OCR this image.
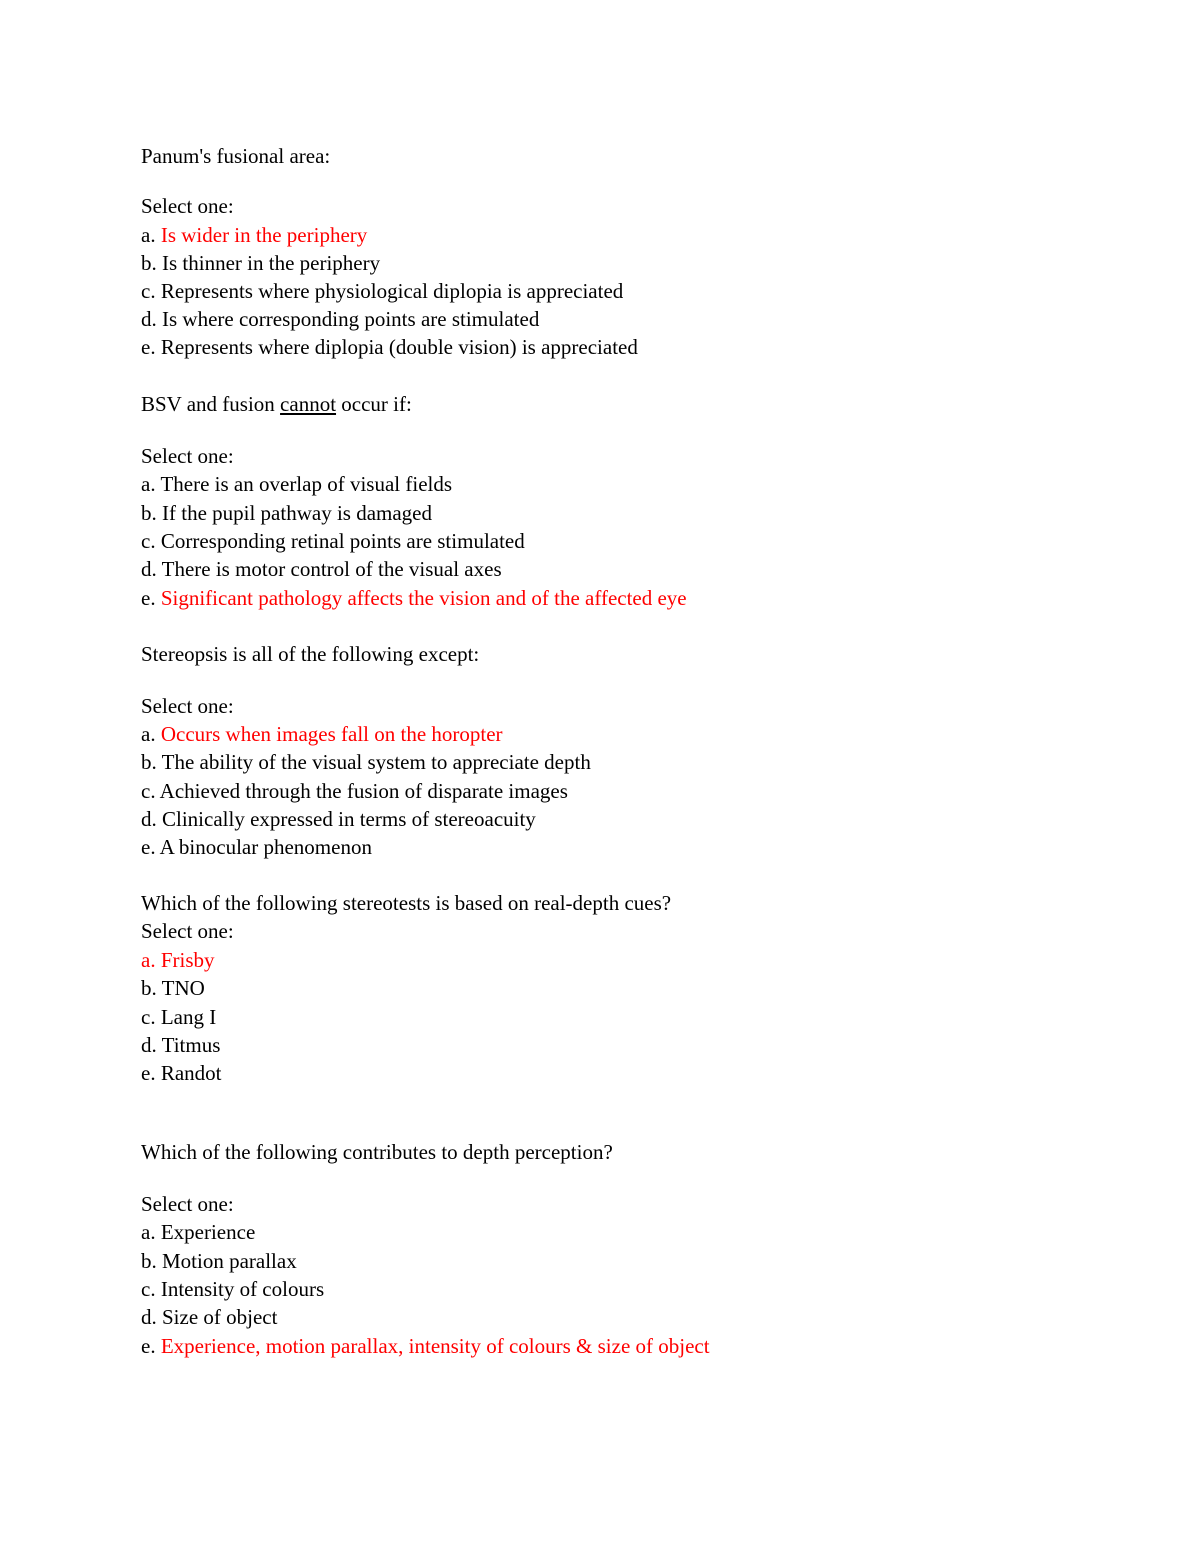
Panum's fusional area:
Select one:
a. Is wider in the periphery
b. Is thinner in the periphery
c. Represents where physiological diplopia is appreciated
d. Is where corresponding points are stimulated
e. Represents where diplopia (double vision) is appreciated
BSV and fusion cannot occur if:
Select one:
a. There is an overlap of visual fields
b. If the pupil pathway is damaged
c. Corresponding retinal points are stimulated
d. There is motor control of the visual axes
e. Significant pathology affects the vision and of the affected eye
Stereopsis is all of the following except:
Select one:
a. Occurs when images fall on the horopter
b. The ability of the visual system to appreciate depth
c. Achieved through the fusion of disparate images
d. Clinically expressed in terms of stereoacuity
e. A binocular phenomenon
Which of the following stereotests is based on real-depth cues?
Select one:
a. Frisby
b. TNO
c. Lang I
d. Titmus
e. Randot
Which of the following contributes to depth perception?
Select one:
a. Experience
b. Motion parallax
c. Intensity of colours
d. Size of object
e. Experience, motion parallax, intensity of colours & size of object
